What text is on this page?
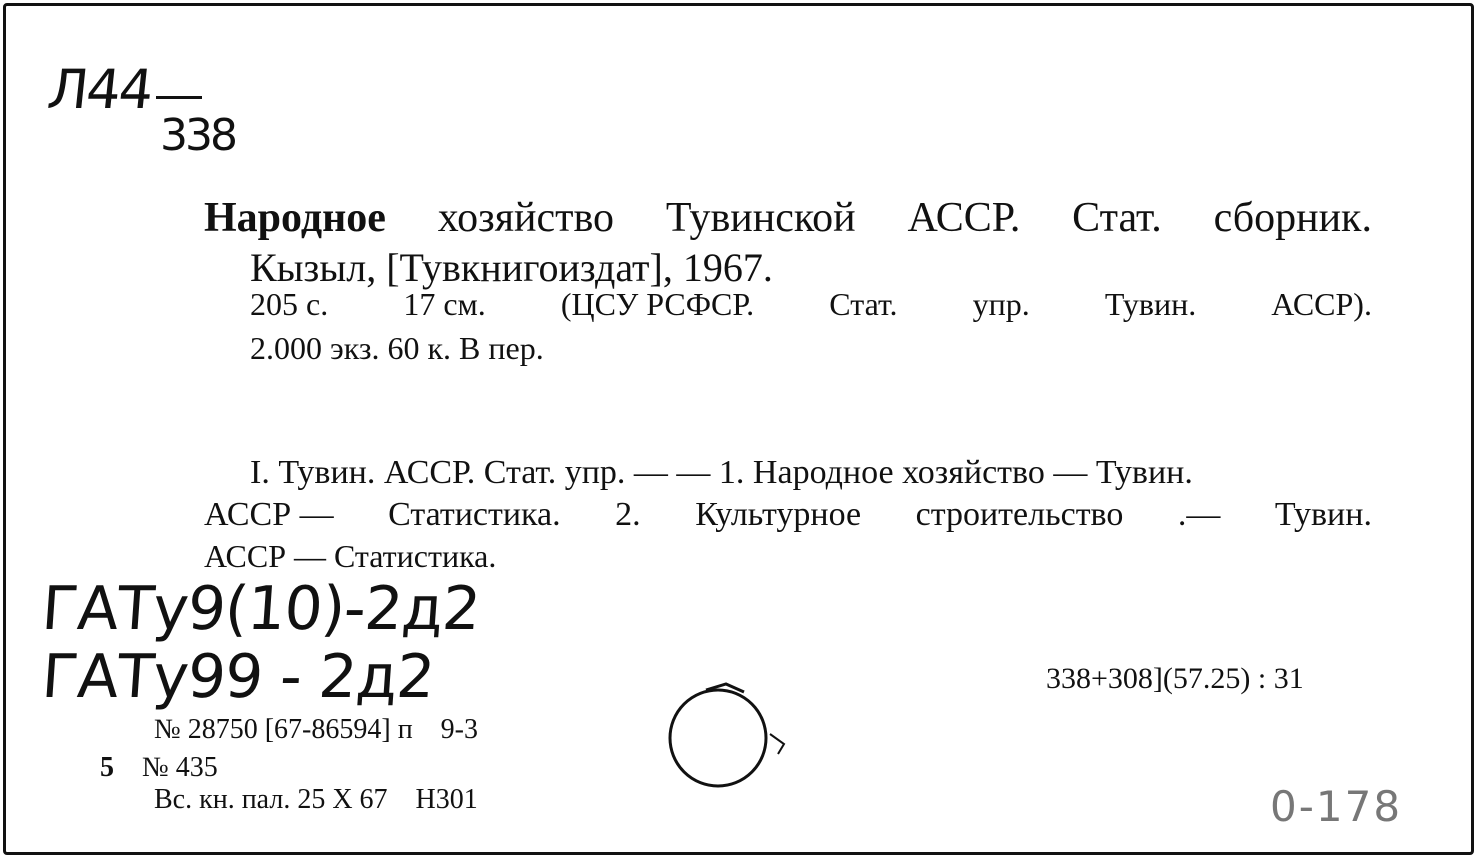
Л44
338
Народное хозяйство Тувинской АССР. Стат. сборник.
Кызыл, [Тувкнигоиздат], 1967.
205 с. 17 см. (ЦСУ РСФСР. Стат. упр. Тувин. АССР).
2.000 экз. 60 к. В пер.
I. Тувин. АССР. Стат. упр. — — 1. Народное хозяйство — Тувин.
АССР — Статистика. 2. Культурное строительство .— Тувин.
АССР — Статистика.
ГАТу9(10)-2д2
ГАТу99 - 2д2	338+308](57.25) : 31
№ 28750 [67-86594] п    9-3
5 № 435
Вс. кн. пал. 25 X 67    Н301	0-178
